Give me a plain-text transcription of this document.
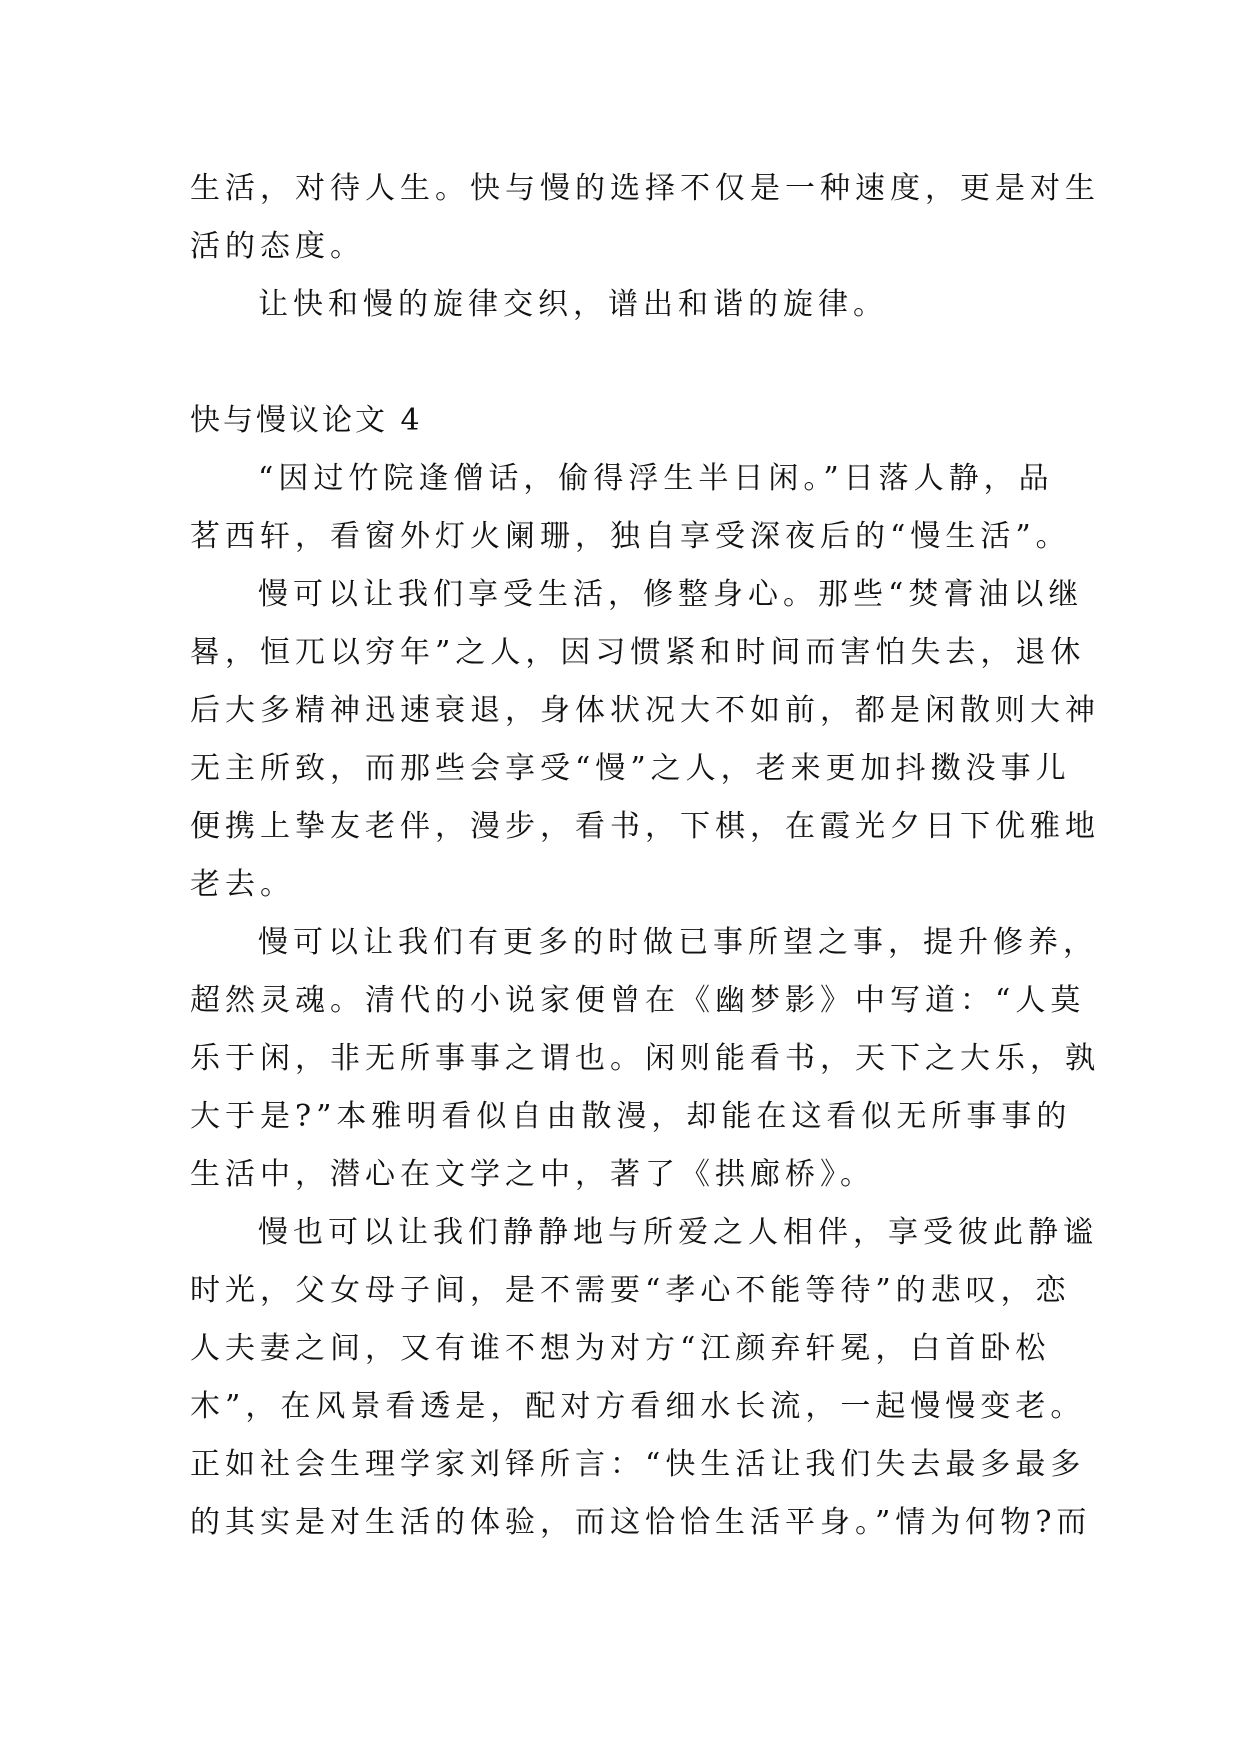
生活，对待人生。快与慢的选择不仅是一种速度，更是对生
活的态度。
让快和慢的旋律交织，谱出和谐的旋律。
快与慢议论文 4
“因过竹院逢僧话，偷得浮生半日闲。”日落人静，品
茗西轩，看窗外灯火阑珊，独自享受深夜后的“慢生活”。
慢可以让我们享受生活，修整身心。那些“焚膏油以继
晷，恒兀以穷年”之人，因习惯紧和时间而害怕失去，退休
后大多精神迅速衰退，身体状况大不如前，都是闲散则大神
无主所致，而那些会享受“慢”之人，老来更加抖擞没事儿
便携上挚友老伴，漫步，看书，下棋，在霞光夕日下优雅地
老去。
慢可以让我们有更多的时做已事所望之事，提升修养，
超然灵魂。清代的小说家便曾在《幽梦影》中写道：“人莫
乐于闲，非无所事事之谓也。闲则能看书，天下之大乐，孰
大于是?”本雅明看似自由散漫，却能在这看似无所事事的
生活中，潜心在文学之中，著了《拱廊桥》。
慢也可以让我们静静地与所爱之人相伴，享受彼此静谧
时光，父女母子间，是不需要“孝心不能等待”的悲叹，恋
人夫妻之间，又有谁不想为对方“江颜弃轩冕，白首卧松
木”，在风景看透是，配对方看细水长流，一起慢慢变老。
正如社会生理学家刘铎所言：“快生活让我们失去最多最多
的其实是对生活的体验，而这恰恰生活平身。”情为何物?而
